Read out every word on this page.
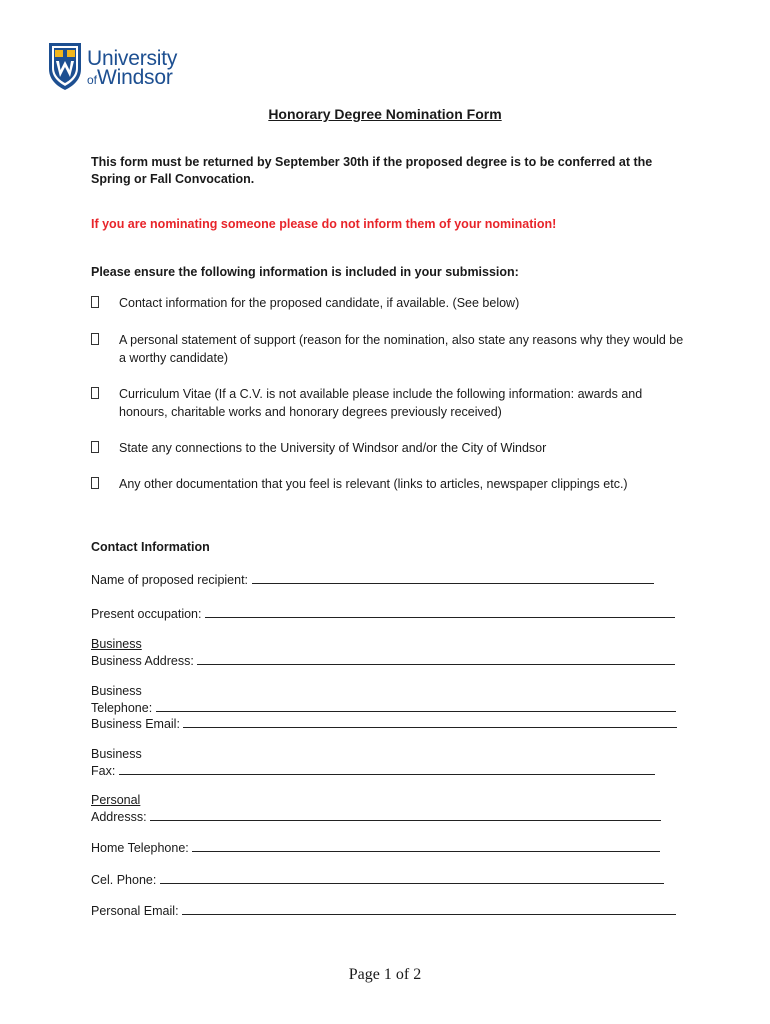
University
ofWindsor
Honorary Degree Nomination Form
This form must be returned by September 30th if the proposed degree is to be conferred at the Spring or Fall Convocation.
If you are nominating someone please do not inform them of your nomination!
Please ensure the following information is included in your submission:
Contact information for the proposed candidate, if available. (See below)
A personal statement of support (reason for the nomination, also state any reasons why they would be a worthy candidate)
Curriculum Vitae (If a C.V. is not available please include the following information: awards and honours, charitable works and honorary degrees previously received)
State any connections to the University of Windsor and/or the City of Windsor
Any other documentation that you feel is relevant (links to articles, newspaper clippings etc.)
Contact Information
Name of proposed recipient:
Present occupation:
Business
Business Address:
Business
Telephone:
Business Email:
Business
Fax:
Personal
Addresss:
Home Telephone:
Cel. Phone:
Personal Email:
Page 1 of 2
